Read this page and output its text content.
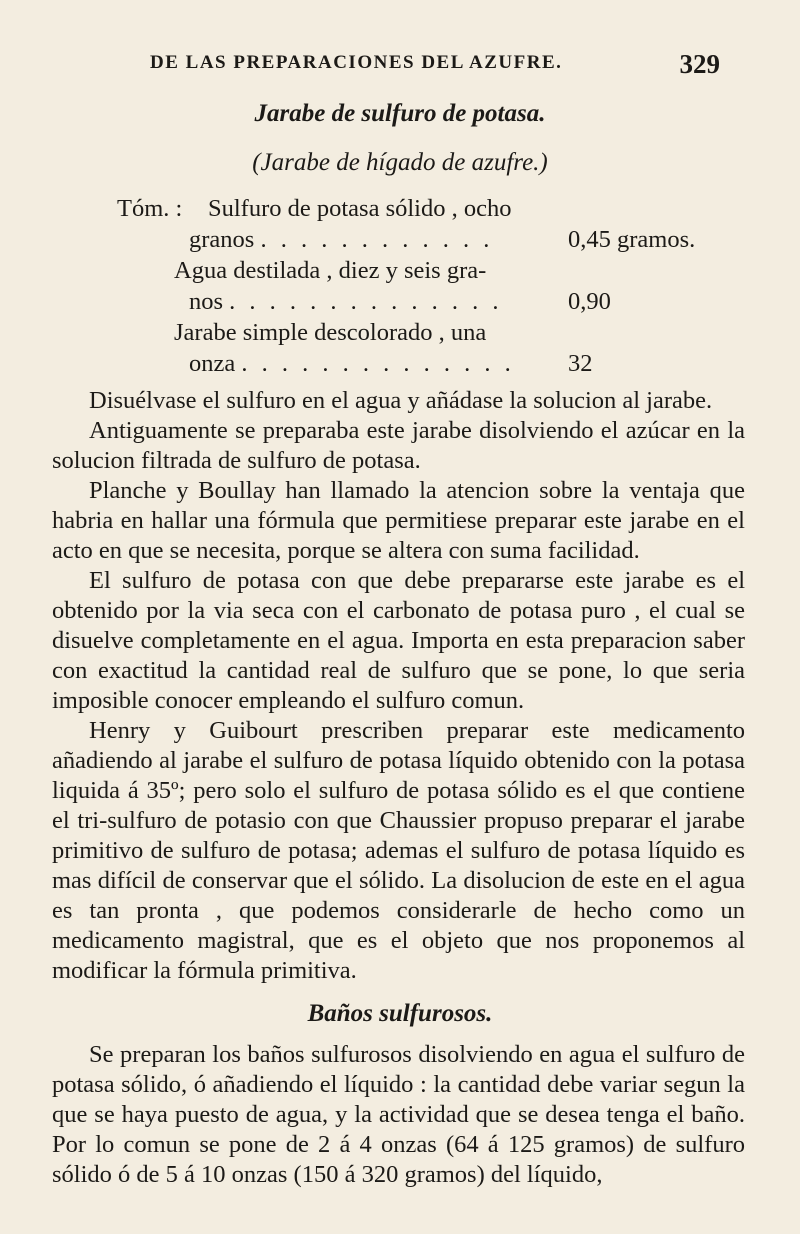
DE LAS PREPARACIONES DEL AZUFRE.	329
Jarabe de sulfuro de potasa.
(Jarabe de hígado de azufre.)
Tóm. : Sulfuro de potasa sólido , ocho
granos . . . . . . . . . . . .	0,45 gramos.
Agua destilada , diez y seis gra-
nos . . . . . . . . . . . . . .	0,90
Jarabe simple descolorado , una
onza . . . . . . . . . . . . . . 32

Disuélvase el sulfuro en el agua y añádase la solucion al jarabe.

Antiguamente se preparaba este jarabe disolviendo el azúcar en la solucion filtrada de sulfuro de potasa.

Planche y Boullay han llamado la atencion sobre la ventaja que habria en hallar una fórmula que permitiese preparar este jarabe en el acto en que se necesita, porque se altera con suma facilidad.

El sulfuro de potasa con que debe prepararse este jarabe es el obtenido por la via seca con el carbonato de potasa puro , el cual se disuelve completamente en el agua. Importa en esta preparacion saber con exactitud la cantidad real de sulfuro que se pone, lo que seria imposible conocer empleando el sulfuro comun.

Henry y Guibourt prescriben preparar este medicamento añadiendo al jarabe el sulfuro de potasa líquido obtenido con la potasa liquida á 35º; pero solo el sulfuro de potasa sólido es el que contiene el tri-sulfuro de potasio con que Chaussier propuso preparar el jarabe primitivo de sulfuro de potasa; ademas el sulfuro de potasa líquido es mas difícil de conservar que el sólido. La disolucion de este en el agua es tan pronta , que podemos considerarle de hecho como un medicamento magistral, que es el objeto que nos proponemos al modificar la fórmula primitiva.

Baños sulfurosos.

Se preparan los baños sulfurosos disolviendo en agua el sulfuro de potasa sólido, ó añadiendo el líquido : la cantidad debe variar segun la que se haya puesto de agua, y la actividad que se desea tenga el baño. Por lo comun se pone de 2 á 4 onzas (64 á 125 gramos) de sulfuro sólido ó de 5 á 10 onzas (150 á 320 gramos) del líquido,
